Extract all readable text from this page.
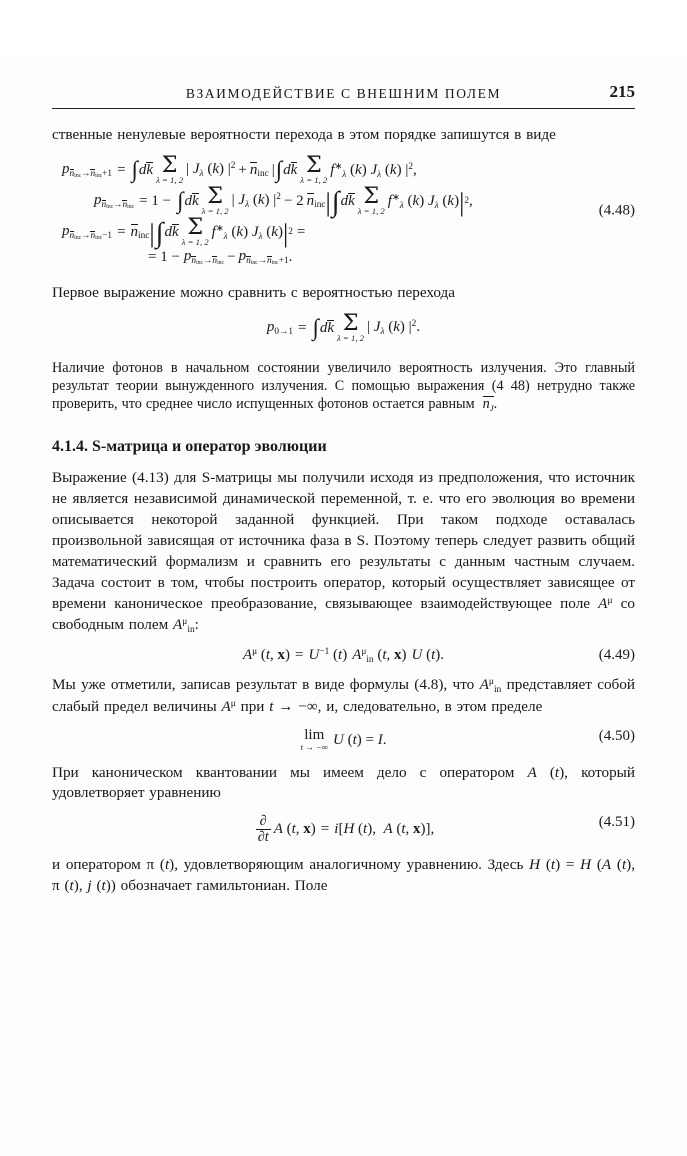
ВЗАИМОДЕЙСТВИЕ С ВНЕШНИМ ПОЛЕМ	215

ственные ненулевые вероятности перехода в этом порядке запишутся в виде

(4.48)
$p_{n_{inc}\to n_{inc}+1}$ = ∫ dk Σ
λ = 1, 2
| $J_\lambda$ (k) $|^2$ + ninc | ∫ dk Σ
λ = 1, 2
$f^∗_\lambda$ (k) $J_\lambda$ (k) $|^2$,
$p_{n_{inc}\to n_{inc}} = 1$ − ∫ dk Σ
λ = 1, 2
| $J_\lambda$ (k) $|^2 - 2$ ninc | ∫ dk Σ
λ = 1, 2
$f^∗_\lambda$ (k) $J_\lambda$ (k) | 2 ,
$p_{n_{inc}\to n_{inc}-1}$ = ninc | ∫ dk Σ
λ = 1, 2
$f^∗_\lambda$ (k) $J_\lambda$ (k) | 2 =
= $1 - p_{n_{inc}\to n_{inc}} - p_{n_{inc}\to n_{inc}+1}$ .

Первое выражение можно сравнить с вероятностью перехода

$p_{0\to 1}$ = ∫ dk Σ
λ = 1, 2
| $J_\lambda$ (k) $|^2$.

Наличие фотонов в начальном состоянии увеличило вероятность излучения. Это главный результат теории вынужденного излучения. С помощью выражения (4 48) нетрудно также проверить, что среднее число испущенных фотонов остается равным $n_J$.

4.1.4. S-матрица и оператор эволюции

Выражение (4.13) для S-матрицы мы получили исходя из предположения, что источник не является независимой динамической переменной, т. е. что его эволюция во времени описывается некоторой заданной функцией. При таком подходе оставалась произвольной зависящая от источника фаза в S. Поэтому теперь следует развить общий математический формализм и сравнить его результаты с данным частным случаем. Задача состоит в том, чтобы построить оператор, который осуществляет зависящее от времени каноническое преобразование, связывающее взаимодействующее поле $A^\mu$ со свободным полем $A^\mu_{in}$:

(4.49)
$A^\mu$ (t, $x) = U^{-1}$ (t) $A^\mu_{in}$ (t, x) U (t).

Мы уже отметили, записав результат в виде формулы (4.8), что $A^\mu_{in}$ представляет собой слабый предел величины $A^\mu$ при t → −∞, и, следовательно, в этом пределе

(4.50)
lim
t → −∞ U (t) = I.

При каноническом квантовании мы имеем дело с оператором A (t), который удовлетворяет уравнению

(4.51)
$\frac{\partial}{\partial t}$ A (t, x) = i[H (t),  A (t, x)],

и оператором π (t), удовлетворяющим аналогичному уравнению. Здесь H (t) = H (A (t), π (t), j (t)) обозначает гамильтониан. Поле
